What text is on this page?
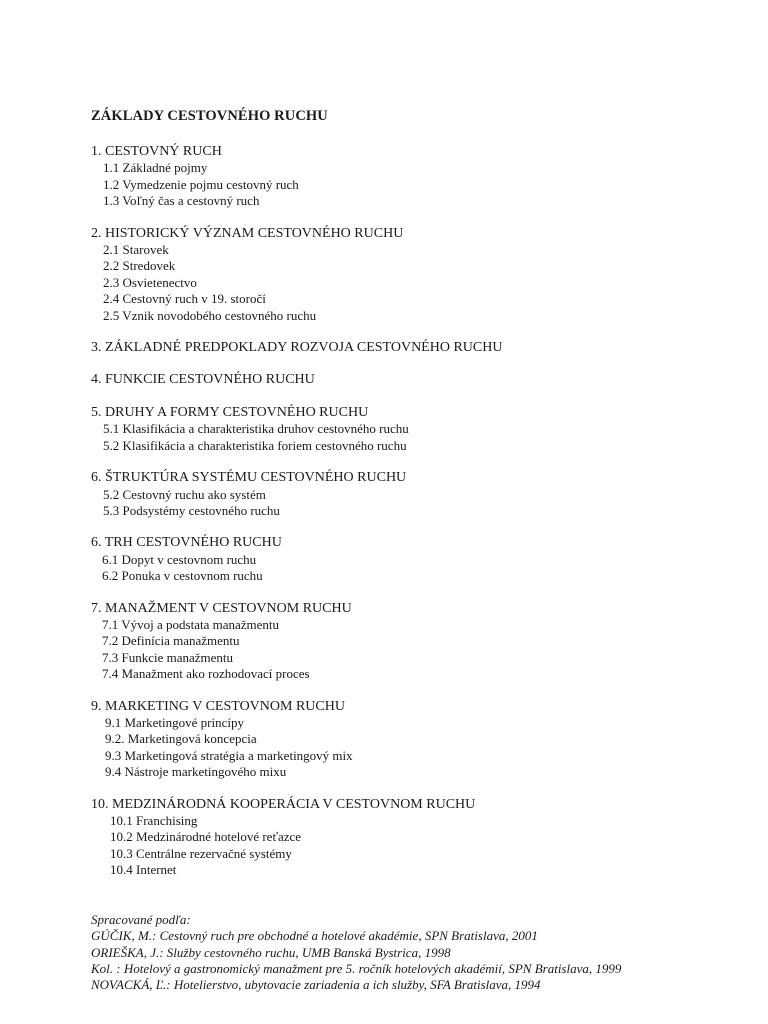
ZÁKLADY CESTOVNÉHO RUCHU
1. CESTOVNÝ RUCH
1.1 Základné pojmy
1.2 Vymedzenie pojmu cestovný ruch
1.3 Voľný čas a cestovný ruch
2. HISTORICKÝ VÝZNAM CESTOVNÉHO RUCHU
2.1 Starovek
2.2 Stredovek
2.3 Osvietenectvo
2.4 Cestovný ruch v 19. storočí
2.5 Vznik novodobého cestovného ruchu
3. ZÁKLADNÉ PREDPOKLADY ROZVOJA CESTOVNÉHO RUCHU
4. FUNKCIE CESTOVNÉHO RUCHU
5. DRUHY A FORMY CESTOVNÉHO RUCHU
5.1 Klasifikácia a charakteristika druhov cestovného ruchu
5.2 Klasifikácia a charakteristika foriem cestovného ruchu
6. ŠTRUKTÚRA SYSTÉMU CESTOVNÉHO RUCHU
5.2 Cestovný ruchu ako systém
5.3 Podsystémy cestovného ruchu
6. TRH CESTOVNÉHO RUCHU
6.1 Dopyt v cestovnom ruchu
6.2 Ponuka v cestovnom ruchu
7. MANAŽMENT V CESTOVNOM RUCHU
7.1 Vývoj a podstata manažmentu
7.2 Definícia manažmentu
7.3 Funkcie manažmentu
7.4 Manažment ako rozhodovací proces
9. MARKETING V CESTOVNOM RUCHU
9.1 Marketingové princípy
9.2. Marketingová koncepcia
9.3 Marketingová stratégia a marketingový mix
9.4 Nástroje marketingového mixu
10. MEDZINÁRODNÁ KOOPERÁCIA V CESTOVNOM RUCHU
10.1 Franchising
10.2 Medzinárodné hotelové reťazce
10.3 Centrálne rezervačné systémy
10.4 Internet
Spracované podľa:
GÚČIK, M.: Cestovný ruch pre obchodné a hotelové akadémie, SPN Bratislava, 2001
ORIEŠKA, J.: Služby cestovného ruchu, UMB Banská Bystrica, 1998
Kol. : Hotelový a gastronomický manažment pre 5. ročník hotelových akadémií, SPN Bratislava, 1999
NOVACKÁ, Ľ.: Hotelierstvo, ubytovacie zariadenia a ich služby, SFA Bratislava, 1994
